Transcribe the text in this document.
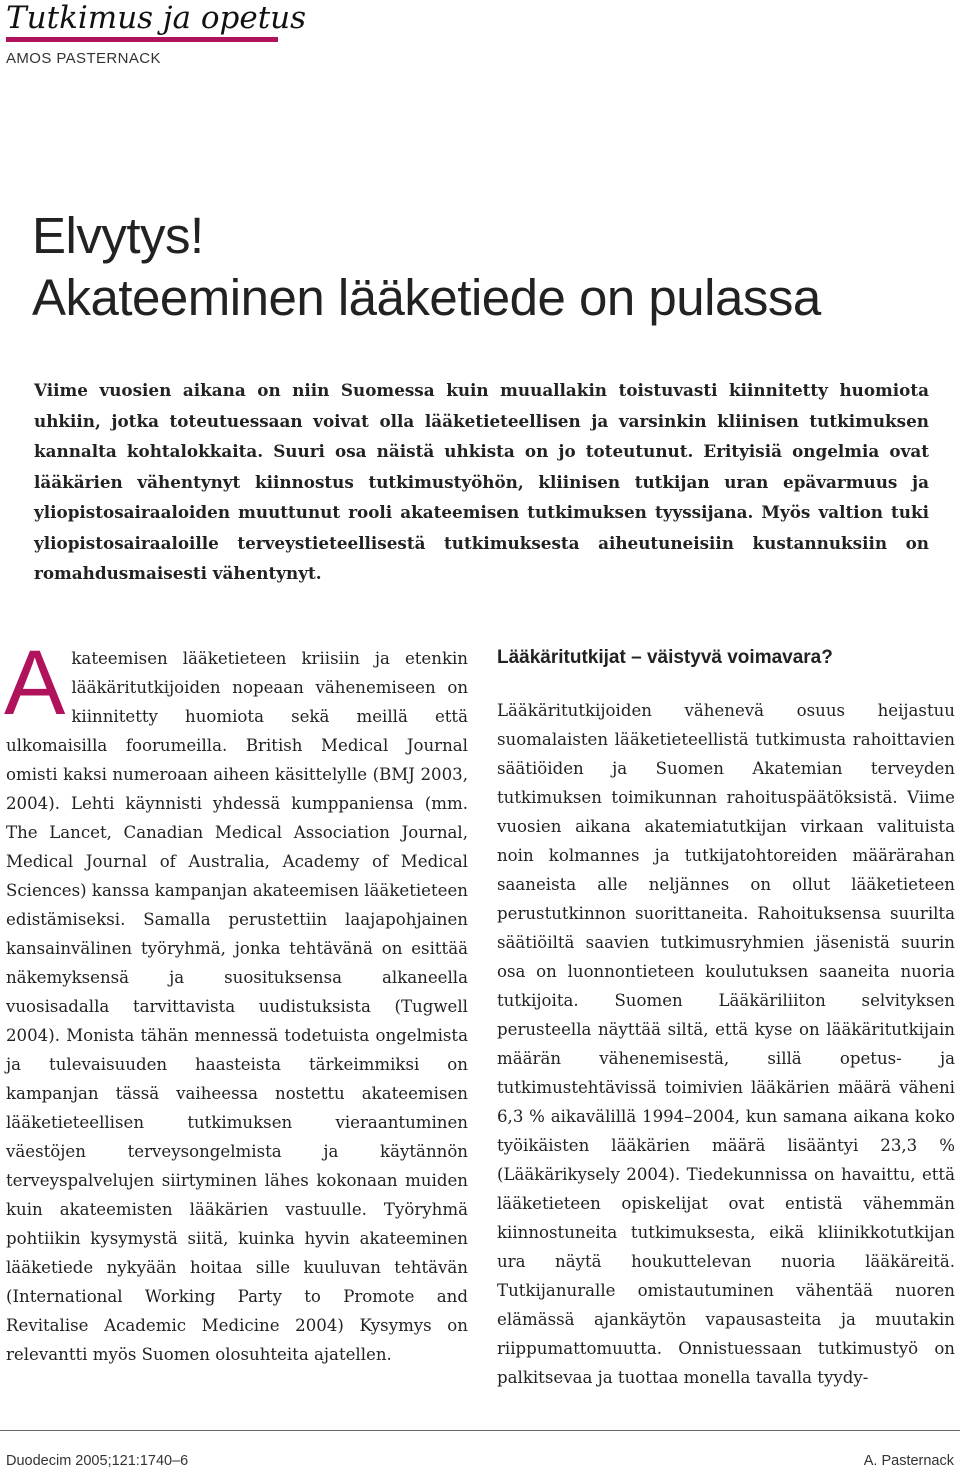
Tutkimus ja opetus
AMOS PASTERNACK
Elvytys!
Akateeminen lääketiede on pulassa

Viime vuosien aikana on niin Suomessa kuin muuallakin toistuvasti kiinnitetty huomiota uhkiin, jotka toteutuessaan voivat olla lääketieteellisen ja varsinkin kliinisen tutkimuksen kannalta kohtalokkaita. Suuri osa näistä uhkista on jo toteutunut. Erityisiä ongelmia ovat lääkärien vähentynyt kiinnostus tutkimustyöhön, kliinisen tutkijan uran epävarmuus ja yliopistosairaaloiden muuttunut rooli akateemisen tutkimuksen tyyssijana. Myös valtion tuki yliopistosairaaloille terveystieteellisestä tutkimuksesta aiheutuneisiin kustannuksiin on romahdusmaisesti vähentynyt.

Akateemisen lääketieteen kriisiin ja etenkin lääkäritutkijoiden nopeaan vähenemiseen on kiinnitetty huomiota sekä meillä että ulkomaisilla foorumeilla. British Medical Journal omisti kaksi numeroaan aiheen käsittelylle (BMJ 2003, 2004). Lehti käynnisti yhdessä kumppaniensa (mm. The Lancet, Canadian Medical Association Journal, Medical Journal of Australia, Academy of Medical Sciences) kanssa kampanjan akateemisen lääketieteen edistämiseksi. Samalla perustettiin laajapohjainen kansainvälinen työryhmä, jonka tehtävänä on esittää näkemyksensä ja suosituksensa alkaneella vuosisadalla tarvittavista uudistuksista (Tugwell 2004). Monista tähän mennessä todetuista ongelmista ja tulevaisuuden haasteista tärkeimmiksi on kampanjan tässä vaiheessa nostettu akateemisen lääketieteellisen tutkimuksen vieraantuminen väestöjen terveysongelmista ja käytännön terveyspalvelujen siirtyminen lähes kokonaan muiden kuin akateemisten lääkärien vastuulle. Työryhmä pohtiikin kysymystä siitä, kuinka hyvin akateeminen lääketiede nykyään hoitaa sille kuuluvan tehtävän (International Working Party to Promote and Revitalise Academic Medicine 2004) Kysymys on relevantti myös Suomen olosuhteita ajatellen.

Lääkäritutkijat – väistyvä voimavara?

Lääkäritutkijoiden vähenevä osuus heijastuu suomalaisten lääketieteellistä tutkimusta rahoittavien säätiöiden ja Suomen Akatemian terveyden tutkimuksen toimikunnan rahoituspäätöksistä. Viime vuosien aikana akatemiatutkijan virkaan valituista noin kolmannes ja tutkijatohtoreiden määrärahan saaneista alle neljännes on ollut lääketieteen perustutkinnon suorittaneita. Rahoituksensa suurilta säätiöiltä saavien tutkimusryhmien jäsenistä suurin osa on luonnontieteen koulutuksen saaneita nuoria tutkijoita. Suomen Lääkäriliiton selvityksen perusteella näyttää siltä, että kyse on lääkäritutkijain määrän vähenemisestä, sillä opetus- ja tutkimustehtävissä toimivien lääkärien määrä väheni 6,3 % aikavälillä 1994–2004, kun samana aikana koko työikäisten lääkärien määrä lisääntyi 23,3 % (Lääkärikysely 2004). Tiedekunnissa on havaittu, että lääketieteen opiskelijat ovat entistä vähemmän kiinnostuneita tutkimuksesta, eikä kliinikkotutkijan ura näytä houkuttelevan nuoria lääkäreitä. Tutkijanuralle omistautuminen vähentää nuoren elämässä ajankäytön vapausasteita ja muutakin riippumattomuutta. Onnistuessaan tutkimustyö on palkitsevaa ja tuottaa monella tavalla tyydy-

Duodecim 2005;121:1740–6	A. Pasternack
